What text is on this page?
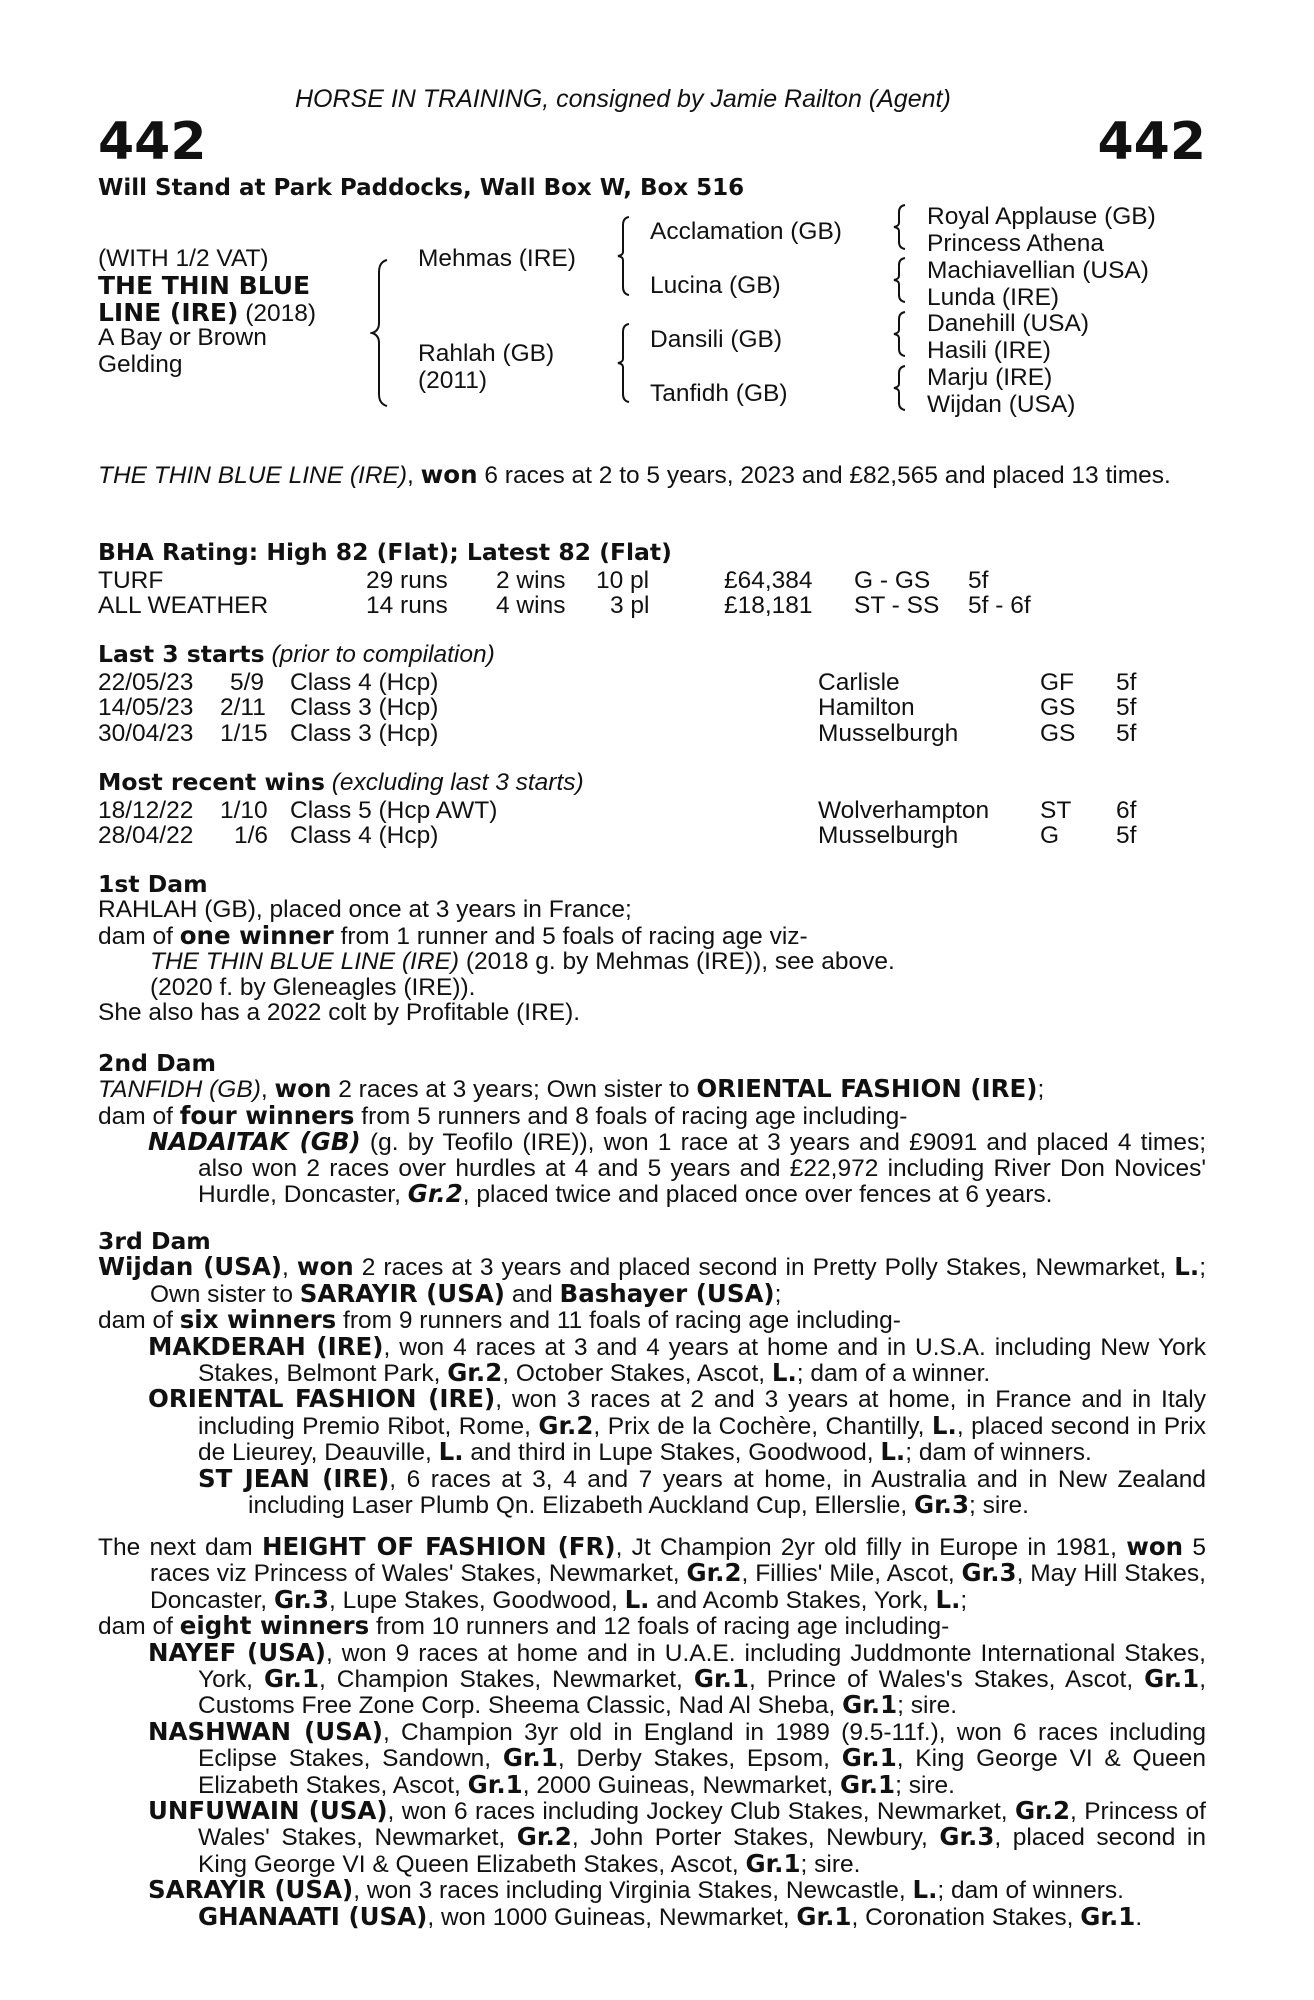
HORSE IN TRAINING, consigned by Jamie Railton (Agent)
442	442
Will Stand at Park Paddocks, Wall Box W, Box 516
(WITH 1/2 VAT)
THE THIN BLUE
LINE (IRE) (2018)
A Bay or Brown
Gelding
Mehmas (IRE)
Rahlah (GB)
(2011)
Acclamation (GB)
Lucina (GB)
Dansili (GB)
Tanfidh (GB)
Royal Applause (GB)
Princess Athena
Machiavellian (USA)
Lunda (IRE)
Danehill (USA)
Hasili (IRE)
Marju (IRE)
Wijdan (USA)

THE THIN BLUE LINE (IRE), won 6 races at 2 to 5 years, 2023 and £82,565 and placed 13 times.

BHA Rating: High 82 (Flat); Latest 82 (Flat)
TURF	29 runs 2 wins 10 pl	£64,384 G - GS 5f
ALL WEATHER	14 runs 4 wins 3 pl	£18,181 ST - SS 5f - 6f
Last 3 starts (prior to compilation)
22/05/23 5/9 Class 4 (Hcp)	Carlisle	GF 5f
14/05/23 2/11 Class 3 (Hcp)	Hamilton	GS 5f
30/04/23 1/15 Class 3 (Hcp)	Musselburgh	GS 5f
Most recent wins (excluding last 3 starts)
18/12/22 1/10 Class 5 (Hcp AWT)	Wolverhampton ST 6f
28/04/22 1/6 Class 4 (Hcp)	Musselburgh	G 5f

1st Dam

RAHLAH (GB), placed once at 3 years in France;

dam of one winner from 1 runner and 5 foals of racing age viz-

THE THIN BLUE LINE (IRE) (2018 g. by Mehmas (IRE)), see above.

(2020 f. by Gleneagles (IRE)).

She also has a 2022 colt by Profitable (IRE).

2nd Dam

TANFIDH (GB), won 2 races at 3 years; Own sister to ORIENTAL FASHION (IRE);

dam of four winners from 5 runners and 8 foals of racing age including-

NADAITAK (GB) (g. by Teofilo (IRE)), won 1 race at 3 years and £9091 and placed 4 times; also won 2 races over hurdles at 4 and 5 years and £22,972 including River Don Novices' Hurdle, Doncaster, Gr.2, placed twice and placed once over fences at 6 years.

3rd Dam

Wijdan (USA), won 2 races at 3 years and placed second in Pretty Polly Stakes, Newmarket, L.; Own sister to SARAYIR (USA) and Bashayer (USA);

dam of six winners from 9 runners and 11 foals of racing age including-

MAKDERAH (IRE), won 4 races at 3 and 4 years at home and in U.S.A. including New York Stakes, Belmont Park, Gr.2, October Stakes, Ascot, L.; dam of a winner.

ORIENTAL FASHION (IRE), won 3 races at 2 and 3 years at home, in France and in Italy including Premio Ribot, Rome, Gr.2, Prix de la Cochère, Chantilly, L., placed second in Prix de Lieurey, Deauville, L. and third in Lupe Stakes, Goodwood, L.; dam of winners.

ST JEAN (IRE), 6 races at 3, 4 and 7 years at home, in Australia and in New Zealand including Laser Plumb Qn. Elizabeth Auckland Cup, Ellerslie, Gr.3; sire.

The next dam HEIGHT OF FASHION (FR), Jt Champion 2yr old filly in Europe in 1981, won 5 races viz Princess of Wales' Stakes, Newmarket, Gr.2, Fillies' Mile, Ascot, Gr.3, May Hill Stakes, Doncaster, Gr.3, Lupe Stakes, Goodwood, L. and Acomb Stakes, York, L.;

dam of eight winners from 10 runners and 12 foals of racing age including-

NAYEF (USA), won 9 races at home and in U.A.E. including Juddmonte International Stakes, York, Gr.1, Champion Stakes, Newmarket, Gr.1, Prince of Wales's Stakes, Ascot, Gr.1, Customs Free Zone Corp. Sheema Classic, Nad Al Sheba, Gr.1; sire.

NASHWAN (USA), Champion 3yr old in England in 1989 (9.5-11f.), won 6 races including Eclipse Stakes, Sandown, Gr.1, Derby Stakes, Epsom, Gr.1, King George VI & Queen Elizabeth Stakes, Ascot, Gr.1, 2000 Guineas, Newmarket, Gr.1; sire.

UNFUWAIN (USA), won 6 races including Jockey Club Stakes, Newmarket, Gr.2, Princess of Wales' Stakes, Newmarket, Gr.2, John Porter Stakes, Newbury, Gr.3, placed second in King George VI & Queen Elizabeth Stakes, Ascot, Gr.1; sire.

SARAYIR (USA), won 3 races including Virginia Stakes, Newcastle, L.; dam of winners.

GHANAATI (USA), won 1000 Guineas, Newmarket, Gr.1, Coronation Stakes, Gr.1.
